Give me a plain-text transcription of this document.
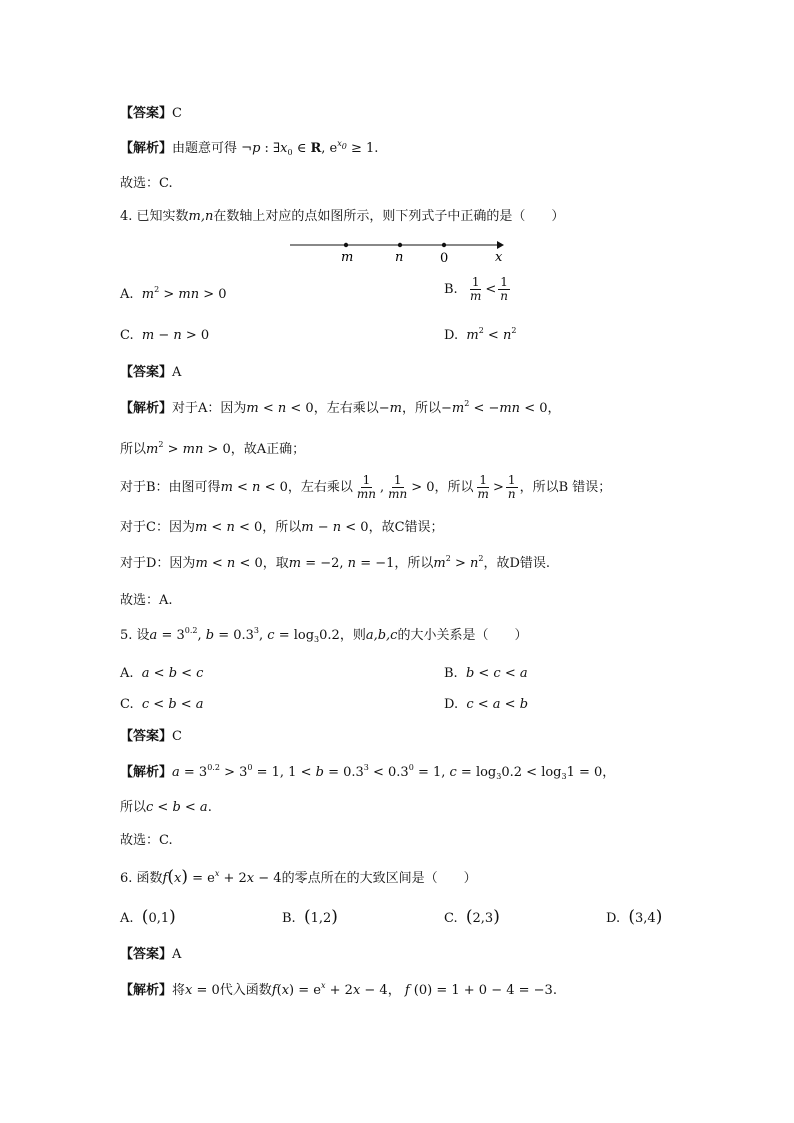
【答案】C
【解析】由题意可得 ¬p : $\exists x_0$ ∈ R, $e^{x_0} \ge 1$.
故选：C.
4. 已知实数m,n在数轴上对应的点如图所示，则下列式子中正确的是（　　）
m	n	0	x
A. $m^2$ > mn > 0	B. $\frac{1}{m} < \frac{1}{n}$
C. m − n > 0	D. $m^2 < n^2$
【答案】A
【解析】对于A：因为m < n < 0，左右乘以−m，所以$-m^2 < -mn < 0$，
所以$m^2$ > mn > 0，故A正确；
对于B：由图可得m < n < 0，左右乘以 $\frac{1}{mn}$ , $\frac{1}{mn} > 0$，所以 $\frac{1}{m} > \frac{1}{n}$ ，所以B 错误；
对于C：因为m < n < 0，所以m − n < 0，故C错误；
对于D：因为m < n < 0，取m = −2, n = −1，所以$m^2 > n^2$，故D错误.
故选：A.
5. 设$a = 3^{0.2}$, $b = 0.3^3$, $c = \log_30.2$，则a,b,c的大小关系是（　　）
A. a < b < c	B. b < c < a
C. c < b < a	D. c < a < b
【答案】C
【解析】$a = 3^{0.2} > 3^0 = 1$, $1 < b = 0.3^3 < 0.3^0 = 1$, $c = \log_30.2 < \log_31 = 0$，
所以c < b < a.
故选：C.
6. 函数$f(x) = e^x + 2x - 4$的零点所在的大致区间是（　　）
A. (0,1)	B. (1,2)	C. (2,3)	D. (3,4)
【答案】A
【解析】将x = 0代入函数$f(x) = e^x + 2x - 4$， f (0) = 1 + 0 − 4 = −3.
